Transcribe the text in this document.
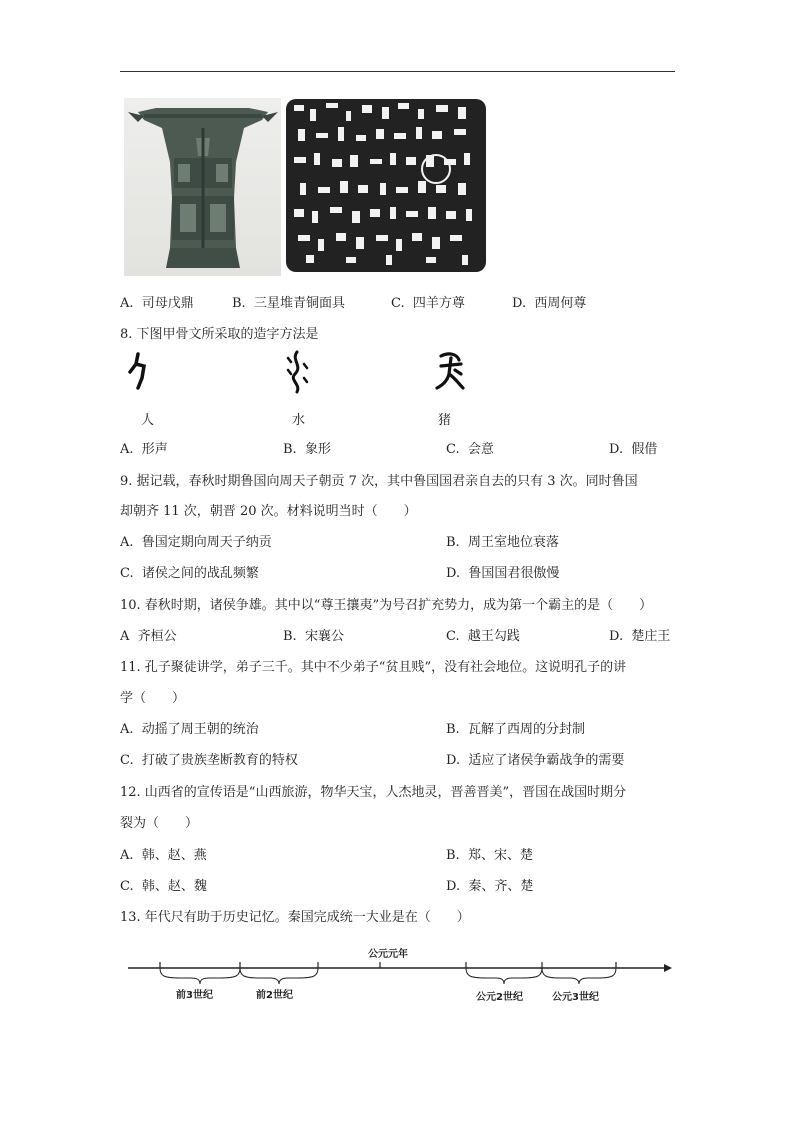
A. 司母戊鼎	B. 三星堆青铜面具	C. 四羊方尊	D. 西周何尊
8. 下图甲骨文所采取的造字方法是
人	水	猪
A. 形声	B. 象形	C. 会意	D. 假借
9. 据记载，春秋时期鲁国向周天子朝贡 7 次，其中鲁国国君亲自去的只有 3 次。同时鲁国
却朝齐 11 次，朝晋 20 次。材料说明当时（　　）
A. 鲁国定期向周天子纳贡	B. 周王室地位衰落
C. 诸侯之间的战乱频繁	D. 鲁国国君很傲慢
10. 春秋时期，诸侯争雄。其中以“尊王攘夷”为号召扩充势力，成为第一个霸主的是（　　）
A 齐桓公	B. 宋襄公	C. 越王勾践	D. 楚庄王
11. 孔子聚徒讲学，弟子三千。其中不少弟子“贫且贱”，没有社会地位。这说明孔子的讲
学（　　）
A. 动摇了周王朝的统治	B. 瓦解了西周的分封制
C. 打破了贵族垄断教育的特权	D. 适应了诸侯争霸战争的需要
12. 山西省的宣传语是“山西旅游，物华天宝，人杰地灵，晋善晋美”，晋国在战国时期分
裂为（　　）
A. 韩、赵、燕	B. 郑、宋、楚
C. 韩、赵、魏	D. 秦、齐、楚
13. 年代尺有助于历史记忆。秦国完成统一大业是在（　　）
公元元年
前3世纪	前2世纪	公元2世纪	公元3世纪
